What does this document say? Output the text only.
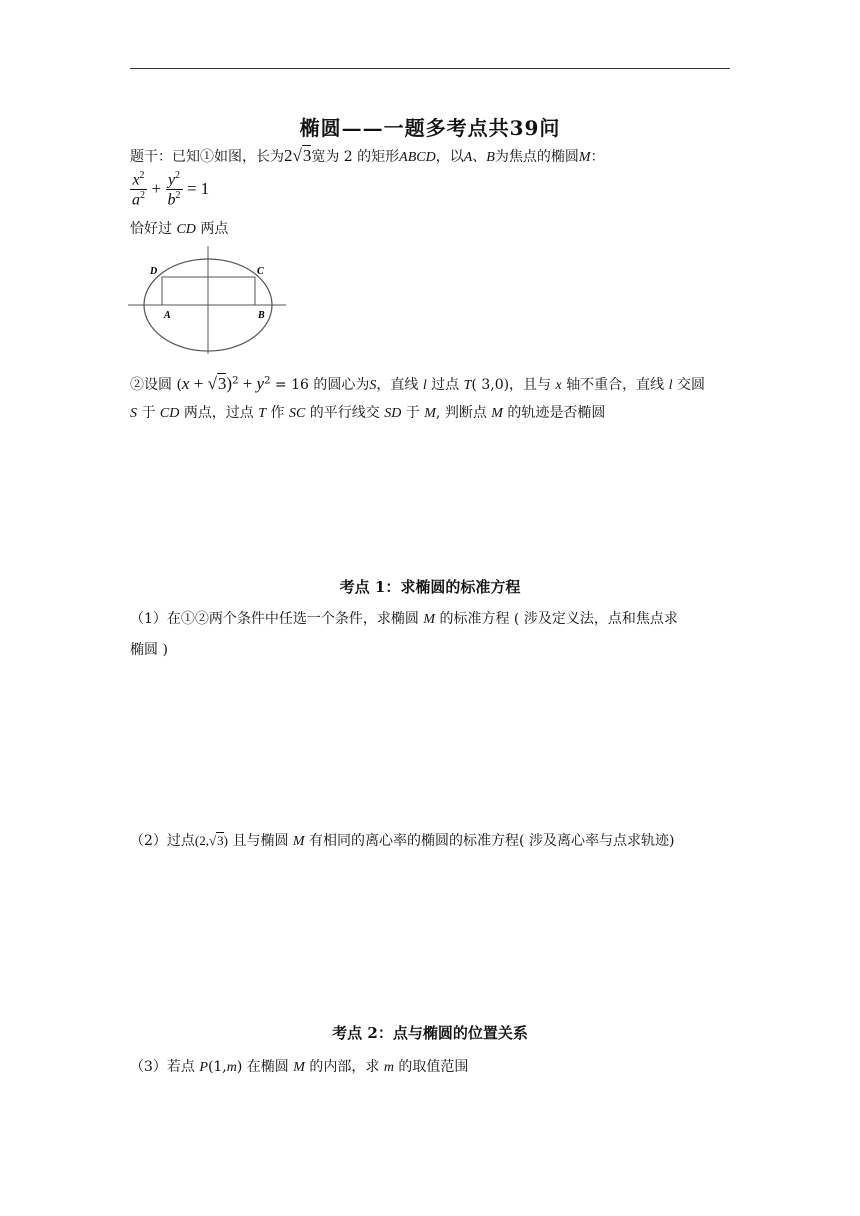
椭圆——一题多考点共39问
题干：已知①如图，长为2√3宽为 2 的矩形ABCD，以A、B为焦点的椭圆M：
$\frac{x^2}{a^2} + \frac{y^2}{b^2} = 1$
恰好过 CD 两点
D	C
A	B
②设圆 $(x + √3)^2 + y^2 = 16$ 的圆心为S，直线 l 过点 T( 3,0)，且与 x 轴不重合，直线 l 交圆
S 于 CD 两点，过点 T 作 SC 的平行线交 SD 于 M, 判断点 M 的轨迹是否椭圆
考点 1：求椭圆的标准方程
（1）在①②两个条件中任选一个条件，求椭圆 M 的标准方程 ( 涉及定义法，点和焦点求
椭圆 )
（2）过点(2,√3) 且与椭圆 M 有相同的离心率的椭圆的标准方程( 涉及离心率与点求轨迹)
考点 2：点与椭圆的位置关系
（3）若点 P(1,m) 在椭圆 M 的内部，求 m 的取值范围
